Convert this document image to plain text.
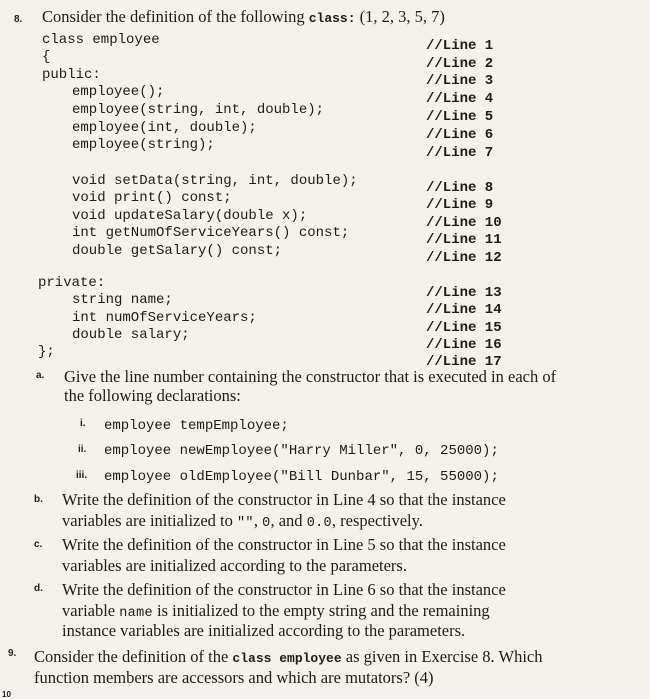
8. Consider the definition of the following class: (1, 2, 3, 5, 7)
class employee	//Line 1
{	//Line 2
public:	//Line 3
employee();	//Line 4
employee(string, int, double);	//Line 5
employee(int, double);	//Line 6
employee(string);	//Line 7
void setData(string, int, double);	//Line 8
void print() const;	//Line 9
void updateSalary(double x);	//Line 10
int getNumOfServiceYears() const;	//Line 11
double getSalary() const;	//Line 12
private:
string name;	//Line 13
int numOfServiceYears;	//Line 14
double salary;	//Line 15
};	//Line 16
//Line 17
a. Give the line number containing the constructor that is executed in each of
the following declarations:
i. employee tempEmployee;
ii. employee newEmployee("Harry Miller", 0, 25000);
iii. employee oldEmployee("Bill Dunbar", 15, 55000);
b. Write the definition of the constructor in Line 4 so that the instance
variables are initialized to "", 0, and 0.0, respectively.
c. Write the definition of the constructor in Line 5 so that the instance
variables are initialized according to the parameters.
d. Write the definition of the constructor in Line 6 so that the instance
variable name is initialized to the empty string and the remaining
instance variables are initialized according to the parameters.
9. Consider the definition of the class employee as given in Exercise 8. Which
function members are accessors and which are mutators? (4)
10
